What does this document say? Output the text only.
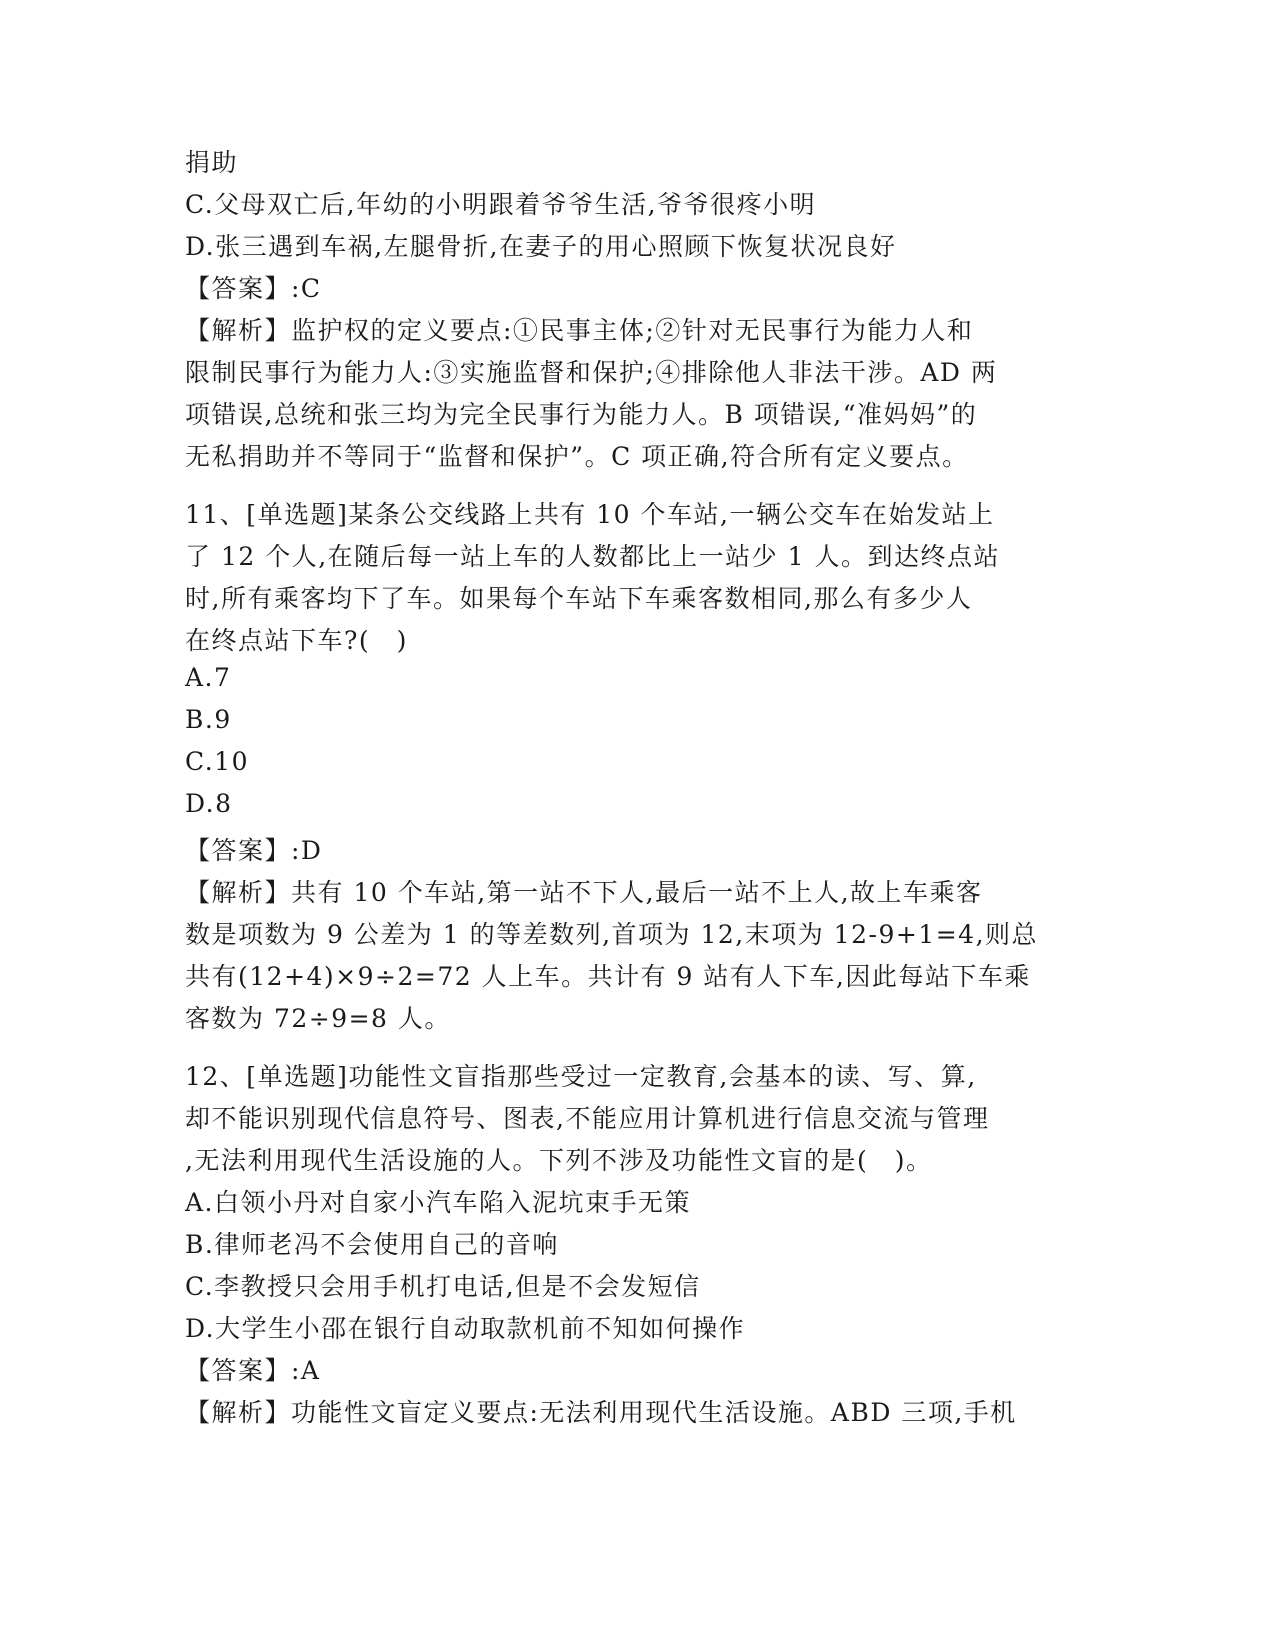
捐助
C.父母双亡后,年幼的小明跟着爷爷生活,爷爷很疼小明
D.张三遇到车祸,左腿骨折,在妻子的用心照顾下恢复状况良好
【答案】:C
【解析】监护权的定义要点:①民事主体;②针对无民事行为能力人和
限制民事行为能力人:③实施监督和保护;④排除他人非法干涉。AD 两
项错误,总统和张三均为完全民事行为能力人。B 项错误,“准妈妈”的
无私捐助并不等同于“监督和保护”。C 项正确,符合所有定义要点。
11、[单选题]某条公交线路上共有 10 个车站,一辆公交车在始发站上
了 12 个人,在随后每一站上车的人数都比上一站少 1 人。到达终点站
时,所有乘客均下了车。如果每个车站下车乘客数相同,那么有多少人
在终点站下车?(　)
A.7
B.9
C.10
D.8
【答案】:D
【解析】共有 10 个车站,第一站不下人,最后一站不上人,故上车乘客
数是项数为 9 公差为 1 的等差数列,首项为 12,末项为 12-9+1=4,则总
共有(12+4)×9÷2=72 人上车。共计有 9 站有人下车,因此每站下车乘
客数为 72÷9=8 人。
12、[单选题]功能性文盲指那些受过一定教育,会基本的读、写、算,
却不能识别现代信息符号、图表,不能应用计算机进行信息交流与管理
,无法利用现代生活设施的人。下列不涉及功能性文盲的是(　)。
A.白领小丹对自家小汽车陷入泥坑束手无策
B.律师老冯不会使用自己的音响
C.李教授只会用手机打电话,但是不会发短信
D.大学生小邵在银行自动取款机前不知如何操作
【答案】:A
【解析】功能性文盲定义要点:无法利用现代生活设施。ABD 三项,手机
